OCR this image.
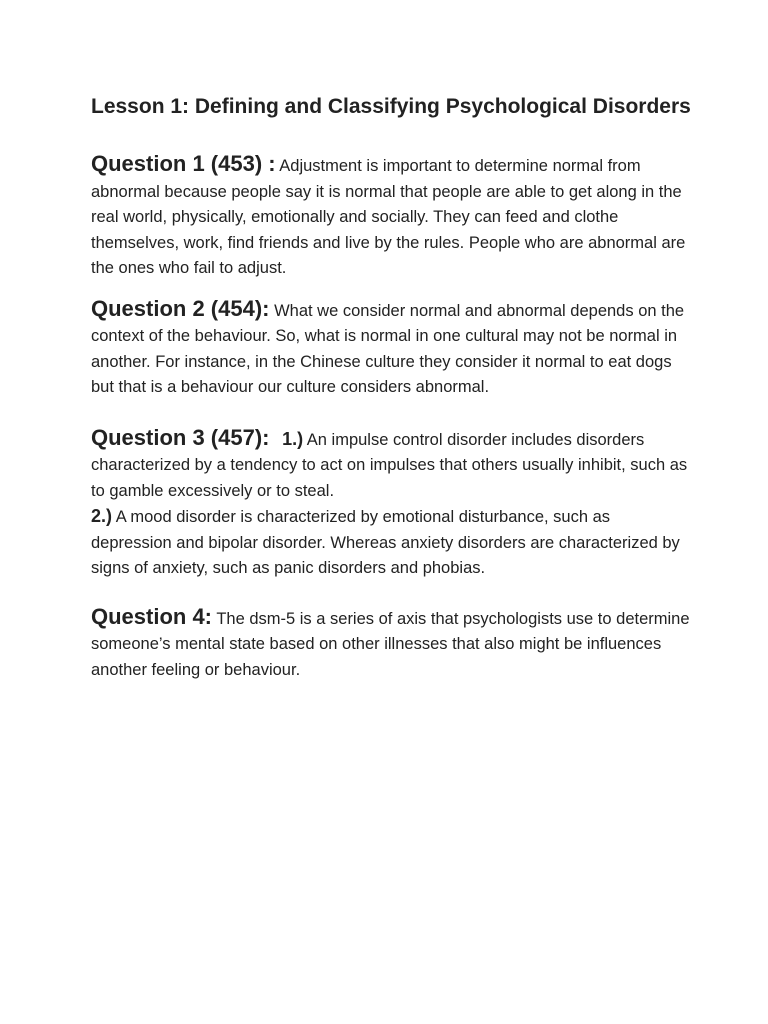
Lesson 1: Defining and Classifying Psychological Disorders

Question 1 (453) : Adjustment is important to determine normal from abnormal because people say it is normal that people are able to get along in the real world, physically, emotionally and socially. They can feed and clothe themselves, work, find friends and live by the rules. People who are abnormal are the ones who fail to adjust.

Question 2 (454): What we consider normal and abnormal depends on the context of the behaviour. So, what is normal in one cultural may not be normal in another. For instance, in the Chinese culture they consider it normal to eat dogs but that is a behaviour our culture considers abnormal.

Question 3 (457): 1.) An impulse control disorder includes disorders characterized by a tendency to act on impulses that others usually inhibit, such as to gamble excessively or to steal.
2.) A mood disorder is characterized by emotional disturbance, such as depression and bipolar disorder. Whereas anxiety disorders are characterized by signs of anxiety, such as panic disorders and phobias.

Question 4: The dsm-5 is a series of axis that psychologists use to determine someone’s mental state based on other illnesses that also might be influences another feeling or behaviour.
